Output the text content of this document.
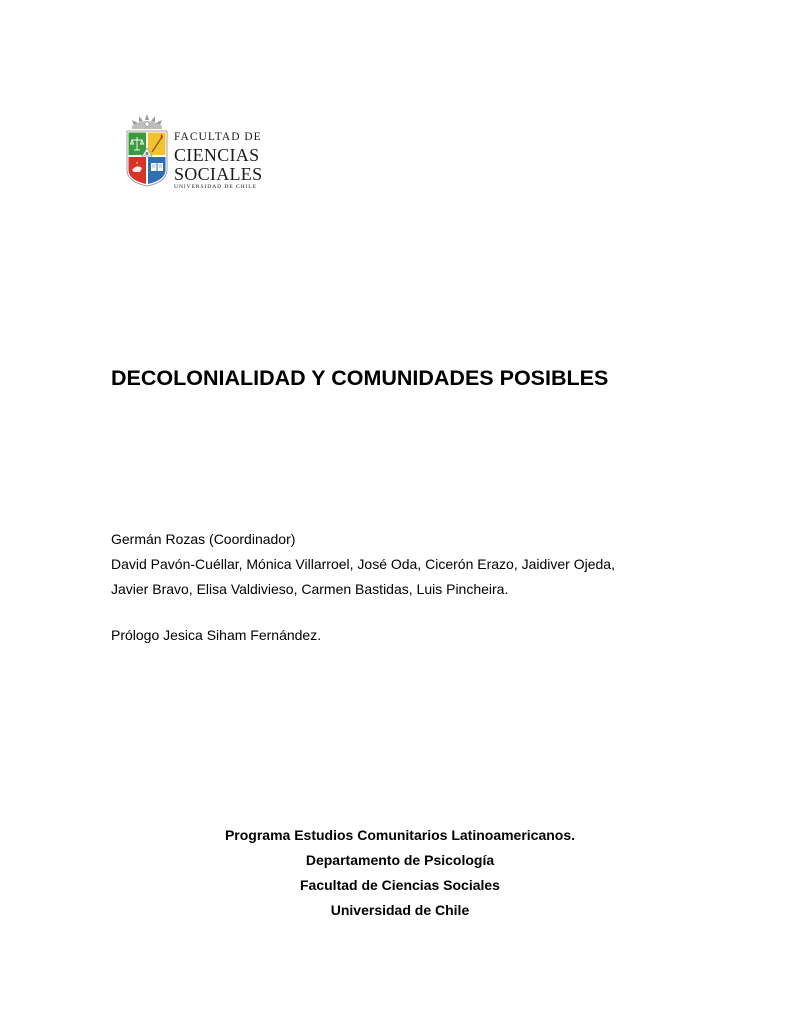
FACULTAD DE
CIENCIAS
SOCIALES
UNIVERSIDAD DE CHILE
DECOLONIALIDAD Y COMUNIDADES POSIBLES

Germán Rozas (Coordinador)

David Pavón-Cuéllar, Mónica Villarroel, José Oda, Cicerón Erazo, Jaidiver Ojeda,

Javier Bravo, Elisa Valdivieso, Carmen Bastidas, Luis Pincheira.

Prólogo Jesica Siham Fernández.

Programa Estudios Comunitarios Latinoamericanos.

Departamento de Psicología

Facultad de Ciencias Sociales

Universidad de Chile
